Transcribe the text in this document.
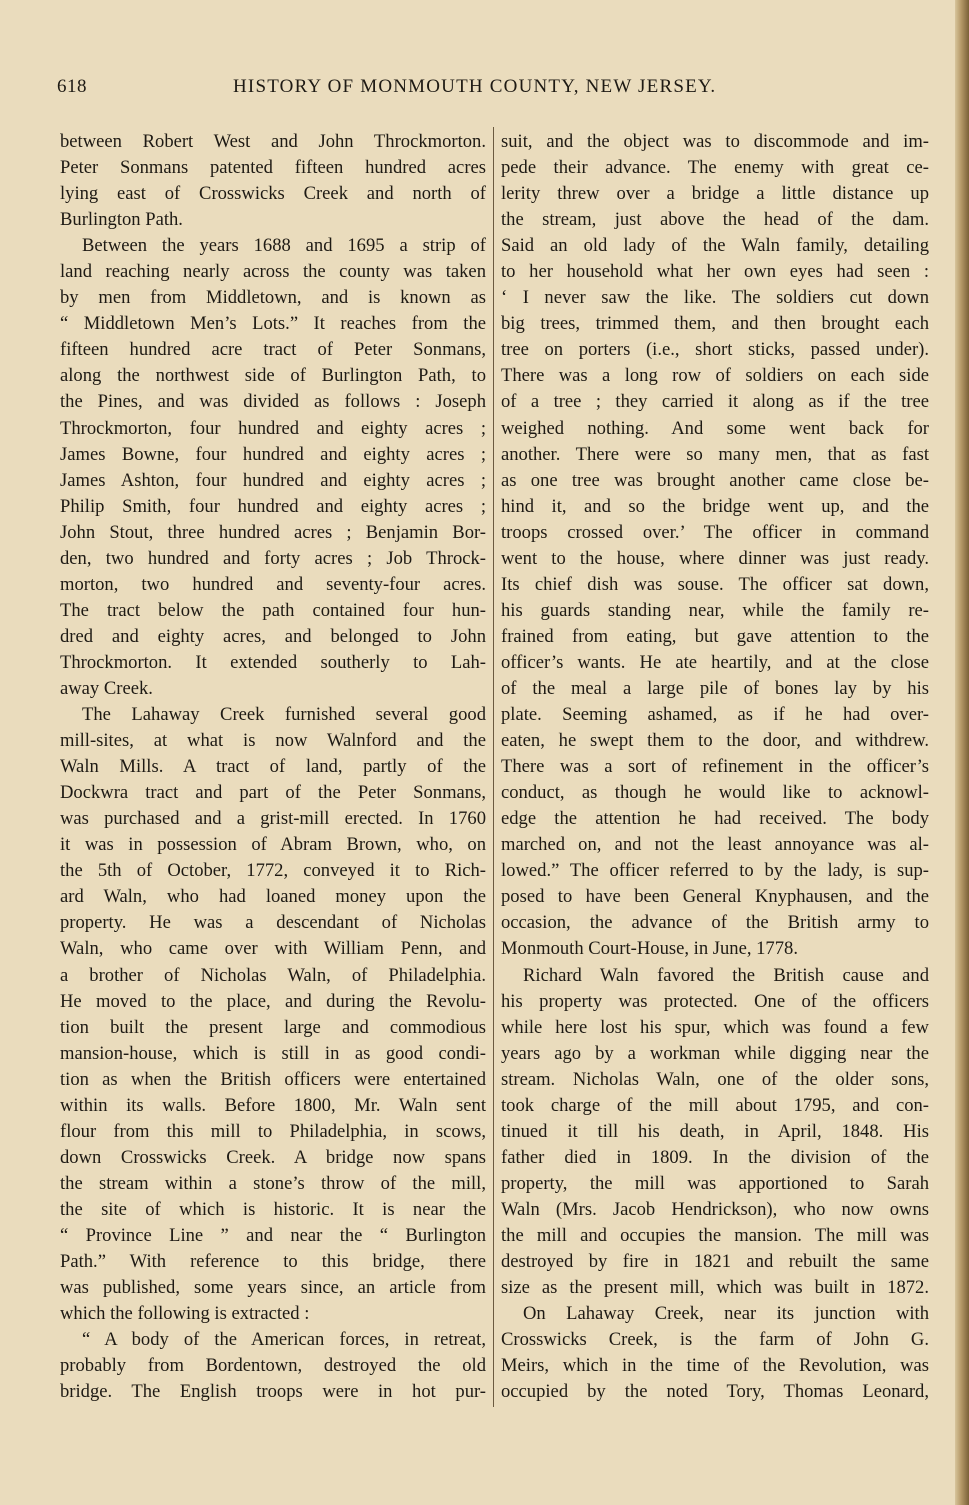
618	HISTORY OF MONMOUTH COUNTY, NEW JERSEY.
between Robert West and John Throckmorton.
Peter Sonmans patented fifteen hundred acres
lying east of Crosswicks Creek and north of
Burlington Path.
Between the years 1688 and 1695 a strip of
land reaching nearly across the county was taken
by men from Middletown, and is known as
“ Middletown Men’s Lots.” It reaches from the
fifteen hundred acre tract of Peter Sonmans,
along the northwest side of Burlington Path, to
the Pines, and was divided as follows : Joseph
Throckmorton, four hundred and eighty acres ;
James Bowne, four hundred and eighty acres ;
James Ashton, four hundred and eighty acres ;
Philip Smith, four hundred and eighty acres ;
John Stout, three hundred acres ; Benjamin Bor-
den, two hundred and forty acres ; Job Throck-
morton, two hundred and seventy-four acres.
The tract below the path contained four hun-
dred and eighty acres, and belonged to John
Throckmorton. It extended southerly to Lah-
away Creek.
The Lahaway Creek furnished several good
mill-sites, at what is now Walnford and the
Waln Mills. A tract of land, partly of the
Dockwra tract and part of the Peter Sonmans,
was purchased and a grist-mill erected. In 1760
it was in possession of Abram Brown, who, on
the 5th of October, 1772, conveyed it to Rich-
ard Waln, who had loaned money upon the
property. He was a descendant of Nicholas
Waln, who came over with William Penn, and
a brother of Nicholas Waln, of Philadelphia.
He moved to the place, and during the Revolu-
tion built the present large and commodious
mansion-house, which is still in as good condi-
tion as when the British officers were entertained
within its walls. Before 1800, Mr. Waln sent
flour from this mill to Philadelphia, in scows,
down Crosswicks Creek. A bridge now spans
the stream within a stone’s throw of the mill,
the site of which is historic. It is near the
“ Province Line ” and near the “ Burlington
Path.” With reference to this bridge, there
was published, some years since, an article from
which the following is extracted :
“ A body of the American forces, in retreat,
probably from Bordentown, destroyed the old
bridge. The English troops were in hot pur-
suit, and the object was to discommode and im-
pede their advance. The enemy with great ce-
lerity threw over a bridge a little distance up
the stream, just above the head of the dam.
Said an old lady of the Waln family, detailing
to her household what her own eyes had seen :
‘ I never saw the like. The soldiers cut down
big trees, trimmed them, and then brought each
tree on porters (i.e., short sticks, passed under).
There was a long row of soldiers on each side
of a tree ; they carried it along as if the tree
weighed nothing. And some went back for
another. There were so many men, that as fast
as one tree was brought another came close be-
hind it, and so the bridge went up, and the
troops crossed over.’ The officer in command
went to the house, where dinner was just ready.
Its chief dish was souse. The officer sat down,
his guards standing near, while the family re-
frained from eating, but gave attention to the
officer’s wants. He ate heartily, and at the close
of the meal a large pile of bones lay by his
plate. Seeming ashamed, as if he had over-
eaten, he swept them to the door, and withdrew.
There was a sort of refinement in the officer’s
conduct, as though he would like to acknowl-
edge the attention he had received. The body
marched on, and not the least annoyance was al-
lowed.” The officer referred to by the lady, is sup-
posed to have been General Knyphausen, and the
occasion, the advance of the British army to
Monmouth Court-House, in June, 1778.
Richard Waln favored the British cause and
his property was protected. One of the officers
while here lost his spur, which was found a few
years ago by a workman while digging near the
stream. Nicholas Waln, one of the older sons,
took charge of the mill about 1795, and con-
tinued it till his death, in April, 1848. His
father died in 1809. In the division of the
property, the mill was apportioned to Sarah
Waln (Mrs. Jacob Hendrickson), who now owns
the mill and occupies the mansion. The mill was
destroyed by fire in 1821 and rebuilt the same
size as the present mill, which was built in 1872.
On Lahaway Creek, near its junction with
Crosswicks Creek, is the farm of John G.
Meirs, which in the time of the Revolution, was
occupied by the noted Tory, Thomas Leonard,
